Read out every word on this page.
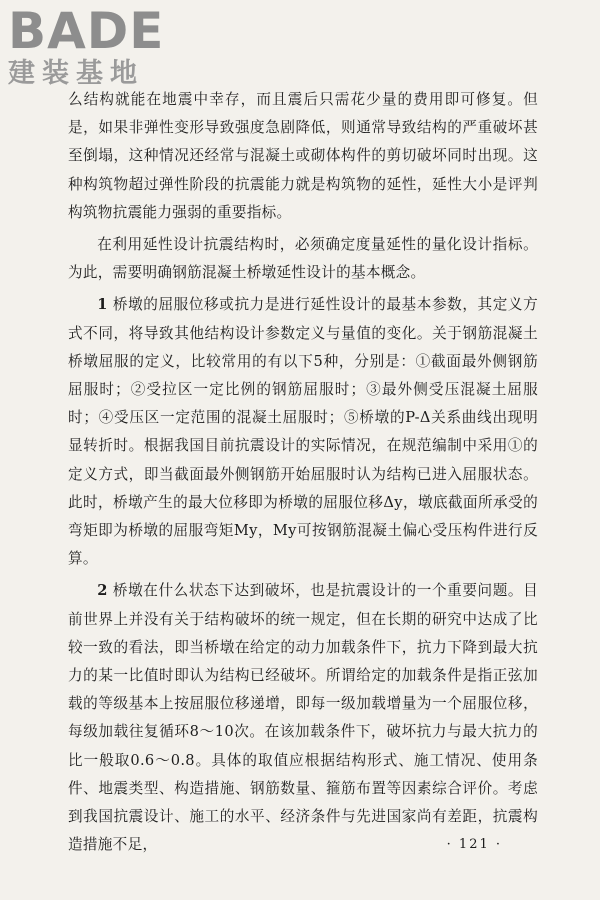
BADE
建装基地

么结构就能在地震中幸存，而且震后只需花少量的费用即可修复。但是，如果非弹性变形导致强度急剧降低，则通常导致结构的严重破坏甚至倒塌，这种情况还经常与混凝土或砌体构件的剪切破坏同时出现。这种构筑物超过弹性阶段的抗震能力就是构筑物的延性，延性大小是评判构筑物抗震能力强弱的重要指标。

在利用延性设计抗震结构时，必须确定度量延性的量化设计指标。为此，需要明确钢筋混凝土桥墩延性设计的基本概念。

1 桥墩的屈服位移或抗力是进行延性设计的最基本参数，其定义方式不同，将导致其他结构设计参数定义与量值的变化。关于钢筋混凝土桥墩屈服的定义，比较常用的有以下5种，分别是：①截面最外侧钢筋屈服时；②受拉区一定比例的钢筋屈服时；③最外侧受压混凝土屈服时；④受压区一定范围的混凝土屈服时；⑤桥墩的P-Δ关系曲线出现明显转折时。根据我国目前抗震设计的实际情况，在规范编制中采用①的定义方式，即当截面最外侧钢筋开始屈服时认为结构已进入屈服状态。此时，桥墩产生的最大位移即为桥墩的屈服位移Δy，墩底截面所承受的弯矩即为桥墩的屈服弯矩My，My可按钢筋混凝土偏心受压构件进行反算。

2 桥墩在什么状态下达到破坏，也是抗震设计的一个重要问题。目前世界上并没有关于结构破坏的统一规定，但在长期的研究中达成了比较一致的看法，即当桥墩在给定的动力加载条件下，抗力下降到最大抗力的某一比值时即认为结构已经破坏。所谓给定的加载条件是指正弦加载的等级基本上按屈服位移递增，即每一级加载增量为一个屈服位移，每级加载往复循环8～10次。在该加载条件下，破坏抗力与最大抗力的比一般取0.6～0.8。具体的取值应根据结构形式、施工情况、使用条件、地震类型、构造措施、钢筋数量、箍筋布置等因素综合评价。考虑到我国抗震设计、施工的水平、经济条件与先进国家尚有差距，抗震构造措施不足，	· 121 ·
